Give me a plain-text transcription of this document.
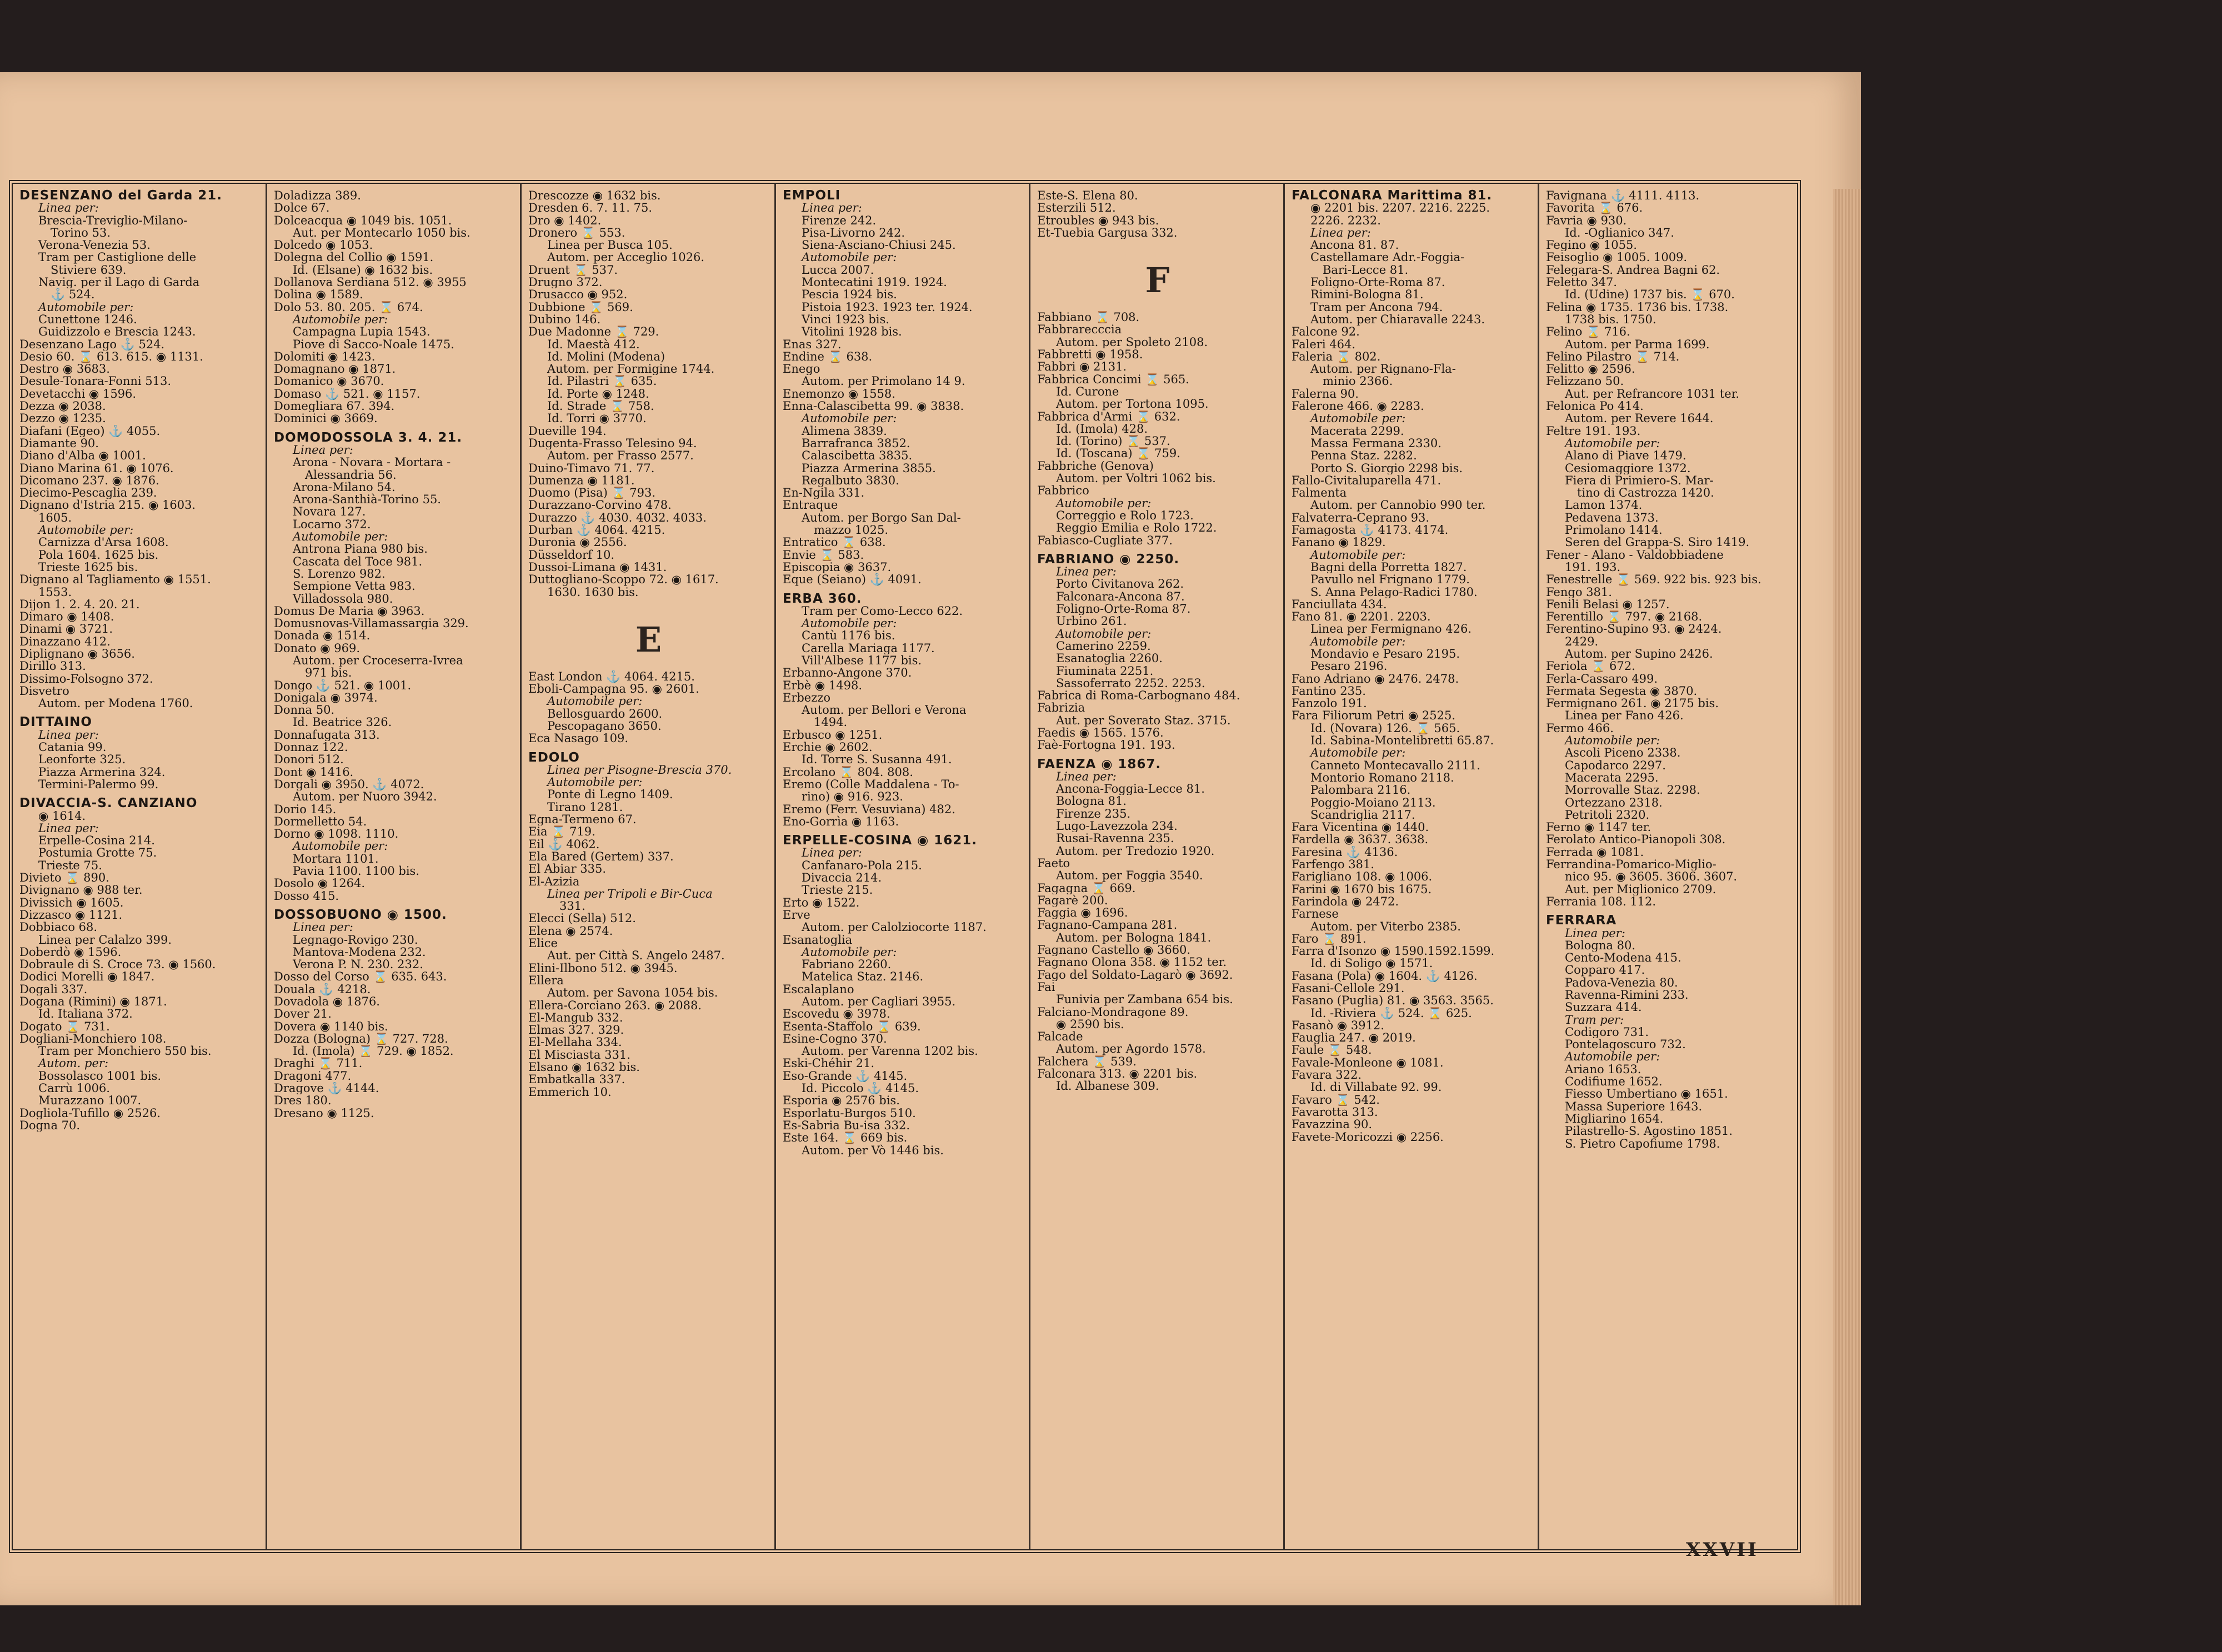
DESENZANO del Garda 21.
Linea per:
Brescia-Treviglio-Milano-
Torino 53.
Verona-Venezia 53.
Tram per Castiglione delle
Stiviere 639.
Navig. per il Lago di Garda
⚓ 524.
Automobile per:
Cunettone 1246.
Guidizzolo e Brescia 1243.
Desenzano Lago ⚓ 524.
Desio 60. ⌛ 613. 615. ◉ 1131.
Destro ◉ 3683.
Desule-Tonara-Fonni 513.
Devetacchi ◉ 1596.
Dezza ◉ 2038.
Dezzo ◉ 1235.
Diafani (Egeo) ⚓ 4055.
Diamante 90.
Diano d'Alba ◉ 1001.
Diano Marina 61. ◉ 1076.
Dicomano 237. ◉ 1876.
Diecimo-Pescaglia 239.
Dignano d'Istria 215. ◉ 1603.
1605.
Automobile per:
Carnizza d'Arsa 1608.
Pola 1604. 1625 bis.
Trieste 1625 bis.
Dignano al Tagliamento ◉ 1551.
1553.
Dijon 1. 2. 4. 20. 21.
Dimaro ◉ 1408.
Dinami ◉ 3721.
Dinazzano 412.
Diplignano ◉ 3656.
Dirillo 313.
Dissimo-Folsogno 372.
Disvetro
Autom. per Modena 1760.
DITTAINO
Linea per:
Catania 99.
Leonforte 325.
Piazza Armerina 324.
Termini-Palermo 99.
DIVACCIA-S. CANZIANO
◉ 1614.
Linea per:
Erpelle-Cosina 214.
Postumia Grotte 75.
Trieste 75.
Divieto ⌛ 890.
Divignano ◉ 988 ter.
Divissich ◉ 1605.
Dizzasco ◉ 1121.
Dobbiaco 68.
Linea per Calalzo 399.
Doberdò ◉ 1596.
Dobraule di S. Croce 73. ◉ 1560.
Dodici Morelli ◉ 1847.
Dogali 337.
Dogana (Rimini) ◉ 1871.
Id. Italiana 372.
Dogato ⌛ 731.
Dogliani-Monchiero 108.
Tram per Monchiero 550 bis.
Autom. per:
Bossolasco 1001 bis.
Carrù 1006.
Murazzano 1007.
Dogliola-Tufillo ◉ 2526.
Dogna 70.
Doladizza 389.
Dolce 67.
Dolceacqua ◉ 1049 bis. 1051.
Aut. per Montecarlo 1050 bis.
Dolcedo ◉ 1053.
Dolegna del Collio ◉ 1591.
Id. (Elsane) ◉ 1632 bis.
Dollanova Serdiana 512. ◉ 3955
Dolina ◉ 1589.
Dolo 53. 80. 205. ⌛ 674.
Automobile per:
Campagna Lupia 1543.
Piove di Sacco-Noale 1475.
Dolomiti ◉ 1423.
Domagnano ◉ 1871.
Domanico ◉ 3670.
Domaso ⚓ 521. ◉ 1157.
Domegliara 67. 394.
Dominici ◉ 3669.
DOMODOSSOLA 3. 4. 21.
Linea per:
Arona - Novara - Mortara -
Alessandria 56.
Arona-Milano 54.
Arona-Santhià-Torino 55.
Novara 127.
Locarno 372.
Automobile per:
Antrona Piana 980 bis.
Cascata del Toce 981.
S. Lorenzo 982.
Sempione Vetta 983.
Villadossola 980.
Domus De Maria ◉ 3963.
Domusnovas-Villamassargia 329.
Donada ◉ 1514.
Donato ◉ 969.
Autom. per Croceserra-Ivrea
971 bis.
Dongo ⚓ 521. ◉ 1001.
Donigala ◉ 3974.
Donna 50.
Id. Beatrice 326.
Donnafugata 313.
Donnaz 122.
Donori 512.
Dont ◉ 1416.
Dorgali ◉ 3950. ⚓ 4072.
Autom. per Nuoro 3942.
Dorio 145.
Dormelletto 54.
Dorno ◉ 1098. 1110.
Automobile per:
Mortara 1101.
Pavia 1100. 1100 bis.
Dosolo ◉ 1264.
Dosso 415.
DOSSOBUONO ◉ 1500.
Linea per:
Legnago-Rovigo 230.
Mantova-Modena 232.
Verona P. N. 230. 232.
Dosso del Corso ⌛ 635. 643.
Douala ⚓ 4218.
Dovadola ◉ 1876.
Dover 21.
Dovera ◉ 1140 bis.
Dozza (Bologna) ⌛ 727. 728.
Id. (Imola) ⌛ 729. ◉ 1852.
Draghi ⌛ 711.
Dragoni 477.
Dragove ⚓ 4144.
Dres 180.
Dresano ◉ 1125.
Drescozze ◉ 1632 bis.
Dresden 6. 7. 11. 75.
Dro ◉ 1402.
Dronero ⌛ 553.
Linea per Busca 105.
Autom. per Acceglio 1026.
Druent ⌛ 537.
Drugno 372.
Drusacco ◉ 952.
Dubbione ⌛ 569.
Dubino 146.
Due Madonne ⌛ 729.
Id. Maestà 412.
Id. Molini (Modena)
Autom. per Formigine 1744.
Id. Pilastri ⌛ 635.
Id. Porte ◉ 1248.
Id. Strade ⌛ 758.
Id. Torri ◉ 3770.
Dueville 194.
Dugenta-Frasso Telesino 94.
Autom. per Frasso 2577.
Duino-Timavo 71. 77.
Dumenza ◉ 1181.
Duomo (Pisa) ⌛ 793.
Durazzano-Corvino 478.
Durazzo ⚓ 4030. 4032. 4033.
Durban ⚓ 4064. 4215.
Duronia ◉ 2556.
Düsseldorf 10.
Dussoi-Limana ◉ 1431.
Duttogliano-Scoppo 72. ◉ 1617.
1630. 1630 bis.
E
East London ⚓ 4064. 4215.
Eboli-Campagna 95. ◉ 2601.
Automobile per:
Bellosguardo 2600.
Pescopagano 3650.
Eca Nasago 109.
EDOLO
Linea per Pisogne-Brescia 370.
Automobile per:
Ponte di Legno 1409.
Tirano 1281.
Egna-Termeno 67.
Eia ⌛ 719.
Eil ⚓ 4062.
Ela Bared (Gertem) 337.
El Abiar 335.
El-Azizia
Linea per Tripoli e Bir-Cuca
331.
Elecci (Sella) 512.
Elena ◉ 2574.
Elice
Aut. per Città S. Angelo 2487.
Elini-Ilbono 512. ◉ 3945.
Ellera
Autom. per Savona 1054 bis.
Ellera-Corciano 263. ◉ 2088.
El-Mangub 332.
Elmas 327. 329.
El-Mellaha 334.
El Misciasta 331.
Elsano ◉ 1632 bis.
Embatkalla 337.
Emmerich 10.
EMPOLI
Linea per:
Firenze 242.
Pisa-Livorno 242.
Siena-Asciano-Chiusi 245.
Automobile per:
Lucca 2007.
Montecatini 1919. 1924.
Pescia 1924 bis.
Pistoia 1923. 1923 ter. 1924.
Vinci 1923 bis.
Vitolini 1928 bis.
Enas 327.
Endine ⌛ 638.
Enego
Autom. per Primolano 14 9.
Enemonzo ◉ 1558.
Enna-Calascibetta 99. ◉ 3838.
Automobile per:
Alimena 3839.
Barrafranca 3852.
Calascibetta 3835.
Piazza Armerina 3855.
Regalbuto 3830.
En-Ngila 331.
Entraque
Autom. per Borgo San Dal-
mazzo 1025.
Entratico ⌛ 638.
Envie ⌛ 583.
Episcopia ◉ 3637.
Eque (Seiano) ⚓ 4091.
ERBA 360.
Tram per Como-Lecco 622.
Automobile per:
Cantù 1176 bis.
Carella Mariaga 1177.
Vill'Albese 1177 bis.
Erbanno-Angone 370.
Erbè ◉ 1498.
Erbezzo
Autom. per Bellori e Verona
1494.
Erbusco ◉ 1251.
Erchie ◉ 2602.
Id. Torre S. Susanna 491.
Ercolano ⌛ 804. 808.
Eremo (Colle Maddalena - To-
rino) ◉ 916. 923.
Eremo (Ferr. Vesuviana) 482.
Eno-Gorrìa ◉ 1163.
ERPELLE-COSINA ◉ 1621.
Linea per:
Canfanaro-Pola 215.
Divaccia 214.
Trieste 215.
Erto ◉ 1522.
Erve
Autom. per Calolziocorte 1187.
Esanatoglia
Automobile per:
Fabriano 2260.
Matelica Staz. 2146.
Escalaplano
Autom. per Cagliari 3955.
Escovedu ◉ 3978.
Esenta-Staffolo ⌛ 639.
Esine-Cogno 370.
Autom. per Varenna 1202 bis.
Eski-Chéhir 21.
Eso-Grande ⚓ 4145.
Id. Piccolo ⚓ 4145.
Esporia ◉ 2576 bis.
Esporlatu-Burgos 510.
Es-Sabria Bu-isa 332.
Este 164. ⌛ 669 bis.
Autom. per Vò 1446 bis.
Este-S. Elena 80.
Esterzili 512.
Etroubles ◉ 943 bis.
Et-Tuebia Gargusa 332.
F
Fabbiano ⌛ 708.
Fabbrarecccia
Autom. per Spoleto 2108.
Fabbretti ◉ 1958.
Fabbri ◉ 2131.
Fabbrica Concimi ⌛ 565.
Id. Curone
Autom. per Tortona 1095.
Fabbrica d'Armi ⌛ 632.
Id. (Imola) 428.
Id. (Torino) ⌛ 537.
Id. (Toscana) ⌛ 759.
Fabbriche (Genova)
Autom. per Voltri 1062 bis.
Fabbrico
Automobile per:
Correggio e Rolo 1723.
Reggio Emilia e Rolo 1722.
Fabiasco-Cugliate 377.
FABRIANO ◉ 2250.
Linea per:
Porto Civitanova 262.
Falconara-Ancona 87.
Foligno-Orte-Roma 87.
Urbino 261.
Automobile per:
Camerino 2259.
Esanatoglia 2260.
Fiuminata 2251.
Sassoferrato 2252. 2253.
Fabrica di Roma-Carbognano 484.
Fabrizia
Aut. per Soverato Staz. 3715.
Faedis ◉ 1565. 1576.
Faè-Fortogna 191. 193.
FAENZA ◉ 1867.
Linea per:
Ancona-Foggia-Lecce 81.
Bologna 81.
Firenze 235.
Lugo-Lavezzola 234.
Rusai-Ravenna 235.
Autom. per Tredozio 1920.
Faeto
Autom. per Foggia 3540.
Fagagna ⌛ 669.
Fagarè 200.
Faggia ◉ 1696.
Fagnano-Campana 281.
Autom. per Bologna 1841.
Fagnano Castello ◉ 3660.
Fagnano Olona 358. ◉ 1152 ter.
Fago del Soldato-Lagarò ◉ 3692.
Fai
Funivia per Zambana 654 bis.
Falciano-Mondragone 89.
◉ 2590 bis.
Falcade
Autom. per Agordo 1578.
Falchera ⌛ 539.
Falconara 313. ◉ 2201 bis.
Id. Albanese 309.
FALCONARA Marittima 81.
◉ 2201 bis. 2207. 2216. 2225.
2226. 2232.
Linea per:
Ancona 81. 87.
Castellamare Adr.-Foggia-
Bari-Lecce 81.
Foligno-Orte-Roma 87.
Rimini-Bologna 81.
Tram per Ancona 794.
Autom. per Chiaravalle 2243.
Falcone 92.
Faleri 464.
Faleria ⌛ 802.
Autom. per Rignano-Fla-
minio 2366.
Falerna 90.
Falerone 466. ◉ 2283.
Automobile per:
Macerata 2299.
Massa Fermana 2330.
Penna Staz. 2282.
Porto S. Giorgio 2298 bis.
Fallo-Civitaluparella 471.
Falmenta
Autom. per Cannobio 990 ter.
Falvaterra-Ceprano 93.
Famagosta ⚓ 4173. 4174.
Fanano ◉ 1829.
Automobile per:
Bagni della Porretta 1827.
Pavullo nel Frignano 1779.
S. Anna Pelago-Radici 1780.
Fanciullata 434.
Fano 81. ◉ 2201. 2203.
Linea per Fermignano 426.
Automobile per:
Mondavio e Pesaro 2195.
Pesaro 2196.
Fano Adriano ◉ 2476. 2478.
Fantino 235.
Fanzolo 191.
Fara Filiorum Petri ◉ 2525.
Id. (Novara) 126. ⌛ 565.
Id. Sabina-Montelibretti 65.87.
Automobile per:
Canneto Montecavallo 2111.
Montorio Romano 2118.
Palombara 2116.
Poggio-Moiano 2113.
Scandriglia 2117.
Fara Vicentina ◉ 1440.
Fardella ◉ 3637. 3638.
Faresina ⚓ 4136.
Farfengo 381.
Farigliano 108. ◉ 1006.
Farini ◉ 1670 bis 1675.
Farindola ◉ 2472.
Farnese
Autom. per Viterbo 2385.
Faro ⌛ 891.
Farra d'Isonzo ◉ 1590.1592.1599.
Id. di Soligo ◉ 1571.
Fasana (Pola) ◉ 1604. ⚓ 4126.
Fasani-Cellole 291.
Fasano (Puglia) 81. ◉ 3563. 3565.
Id. -Riviera ⚓ 524. ⌛ 625.
Fasanò ◉ 3912.
Fauglia 247. ◉ 2019.
Faule ⌛ 548.
Favale-Monleone ◉ 1081.
Favara 322.
Id. di Villabate 92. 99.
Favaro ⌛ 542.
Favarotta 313.
Favazzina 90.
Favete-Moricozzi ◉ 2256.
Favignana ⚓ 4111. 4113.
Favorita ⌛ 676.
Favria ◉ 930.
Id. -Oglianico 347.
Fegino ◉ 1055.
Feisoglio ◉ 1005. 1009.
Felegara-S. Andrea Bagni 62.
Feletto 347.
Id. (Udine) 1737 bis. ⌛ 670.
Felina ◉ 1735. 1736 bis. 1738.
1738 bis. 1750.
Felino ⌛ 716.
Autom. per Parma 1699.
Felino Pilastro ⌛ 714.
Felitto ◉ 2596.
Felizzano 50.
Aut. per Refrancore 1031 ter.
Felonica Po 414.
Autom. per Revere 1644.
Feltre 191. 193.
Automobile per:
Alano di Piave 1479.
Cesiomaggiore 1372.
Fiera di Primiero-S. Mar-
tino di Castrozza 1420.
Lamon 1374.
Pedavena 1373.
Primolano 1414.
Seren del Grappa-S. Siro 1419.
Fener - Alano - Valdobbiadene
191. 193.
Fenestrelle ⌛ 569. 922 bis. 923 bis.
Fengo 381.
Fenili Belasi ◉ 1257.
Ferentillo ⌛ 797. ◉ 2168.
Ferentino-Supino 93. ◉ 2424.
2429.
Autom. per Supino 2426.
Feriola ⌛ 672.
Ferla-Cassaro 499.
Fermata Segesta ◉ 3870.
Fermignano 261. ◉ 2175 bis.
Linea per Fano 426.
Fermo 466.
Automobile per:
Ascoli Piceno 2338.
Capodarco 2297.
Macerata 2295.
Morrovalle Staz. 2298.
Ortezzano 2318.
Petritoli 2320.
Ferno ◉ 1147 ter.
Ferolato Antico-Pianopoli 308.
Ferrada ◉ 1081.
Ferrandina-Pomarico-Miglio-
nico 95. ◉ 3605. 3606. 3607.
Aut. per Miglionico 2709.
Ferrania 108. 112.
FERRARA
Linea per:
Bologna 80.
Cento-Modena 415.
Copparo 417.
Padova-Venezia 80.
Ravenna-Rimini 233.
Suzzara 414.
Tram per:
Codigoro 731.
Pontelagoscuro 732.
Automobile per:
Ariano 1653.
Codifiume 1652.
Fiesso Umbertiano ◉ 1651.
Massa Superiore 1643.
Migliarino 1654.
Pilastrello-S. Agostino 1851.
S. Pietro Capofiume 1798.
XXVII
